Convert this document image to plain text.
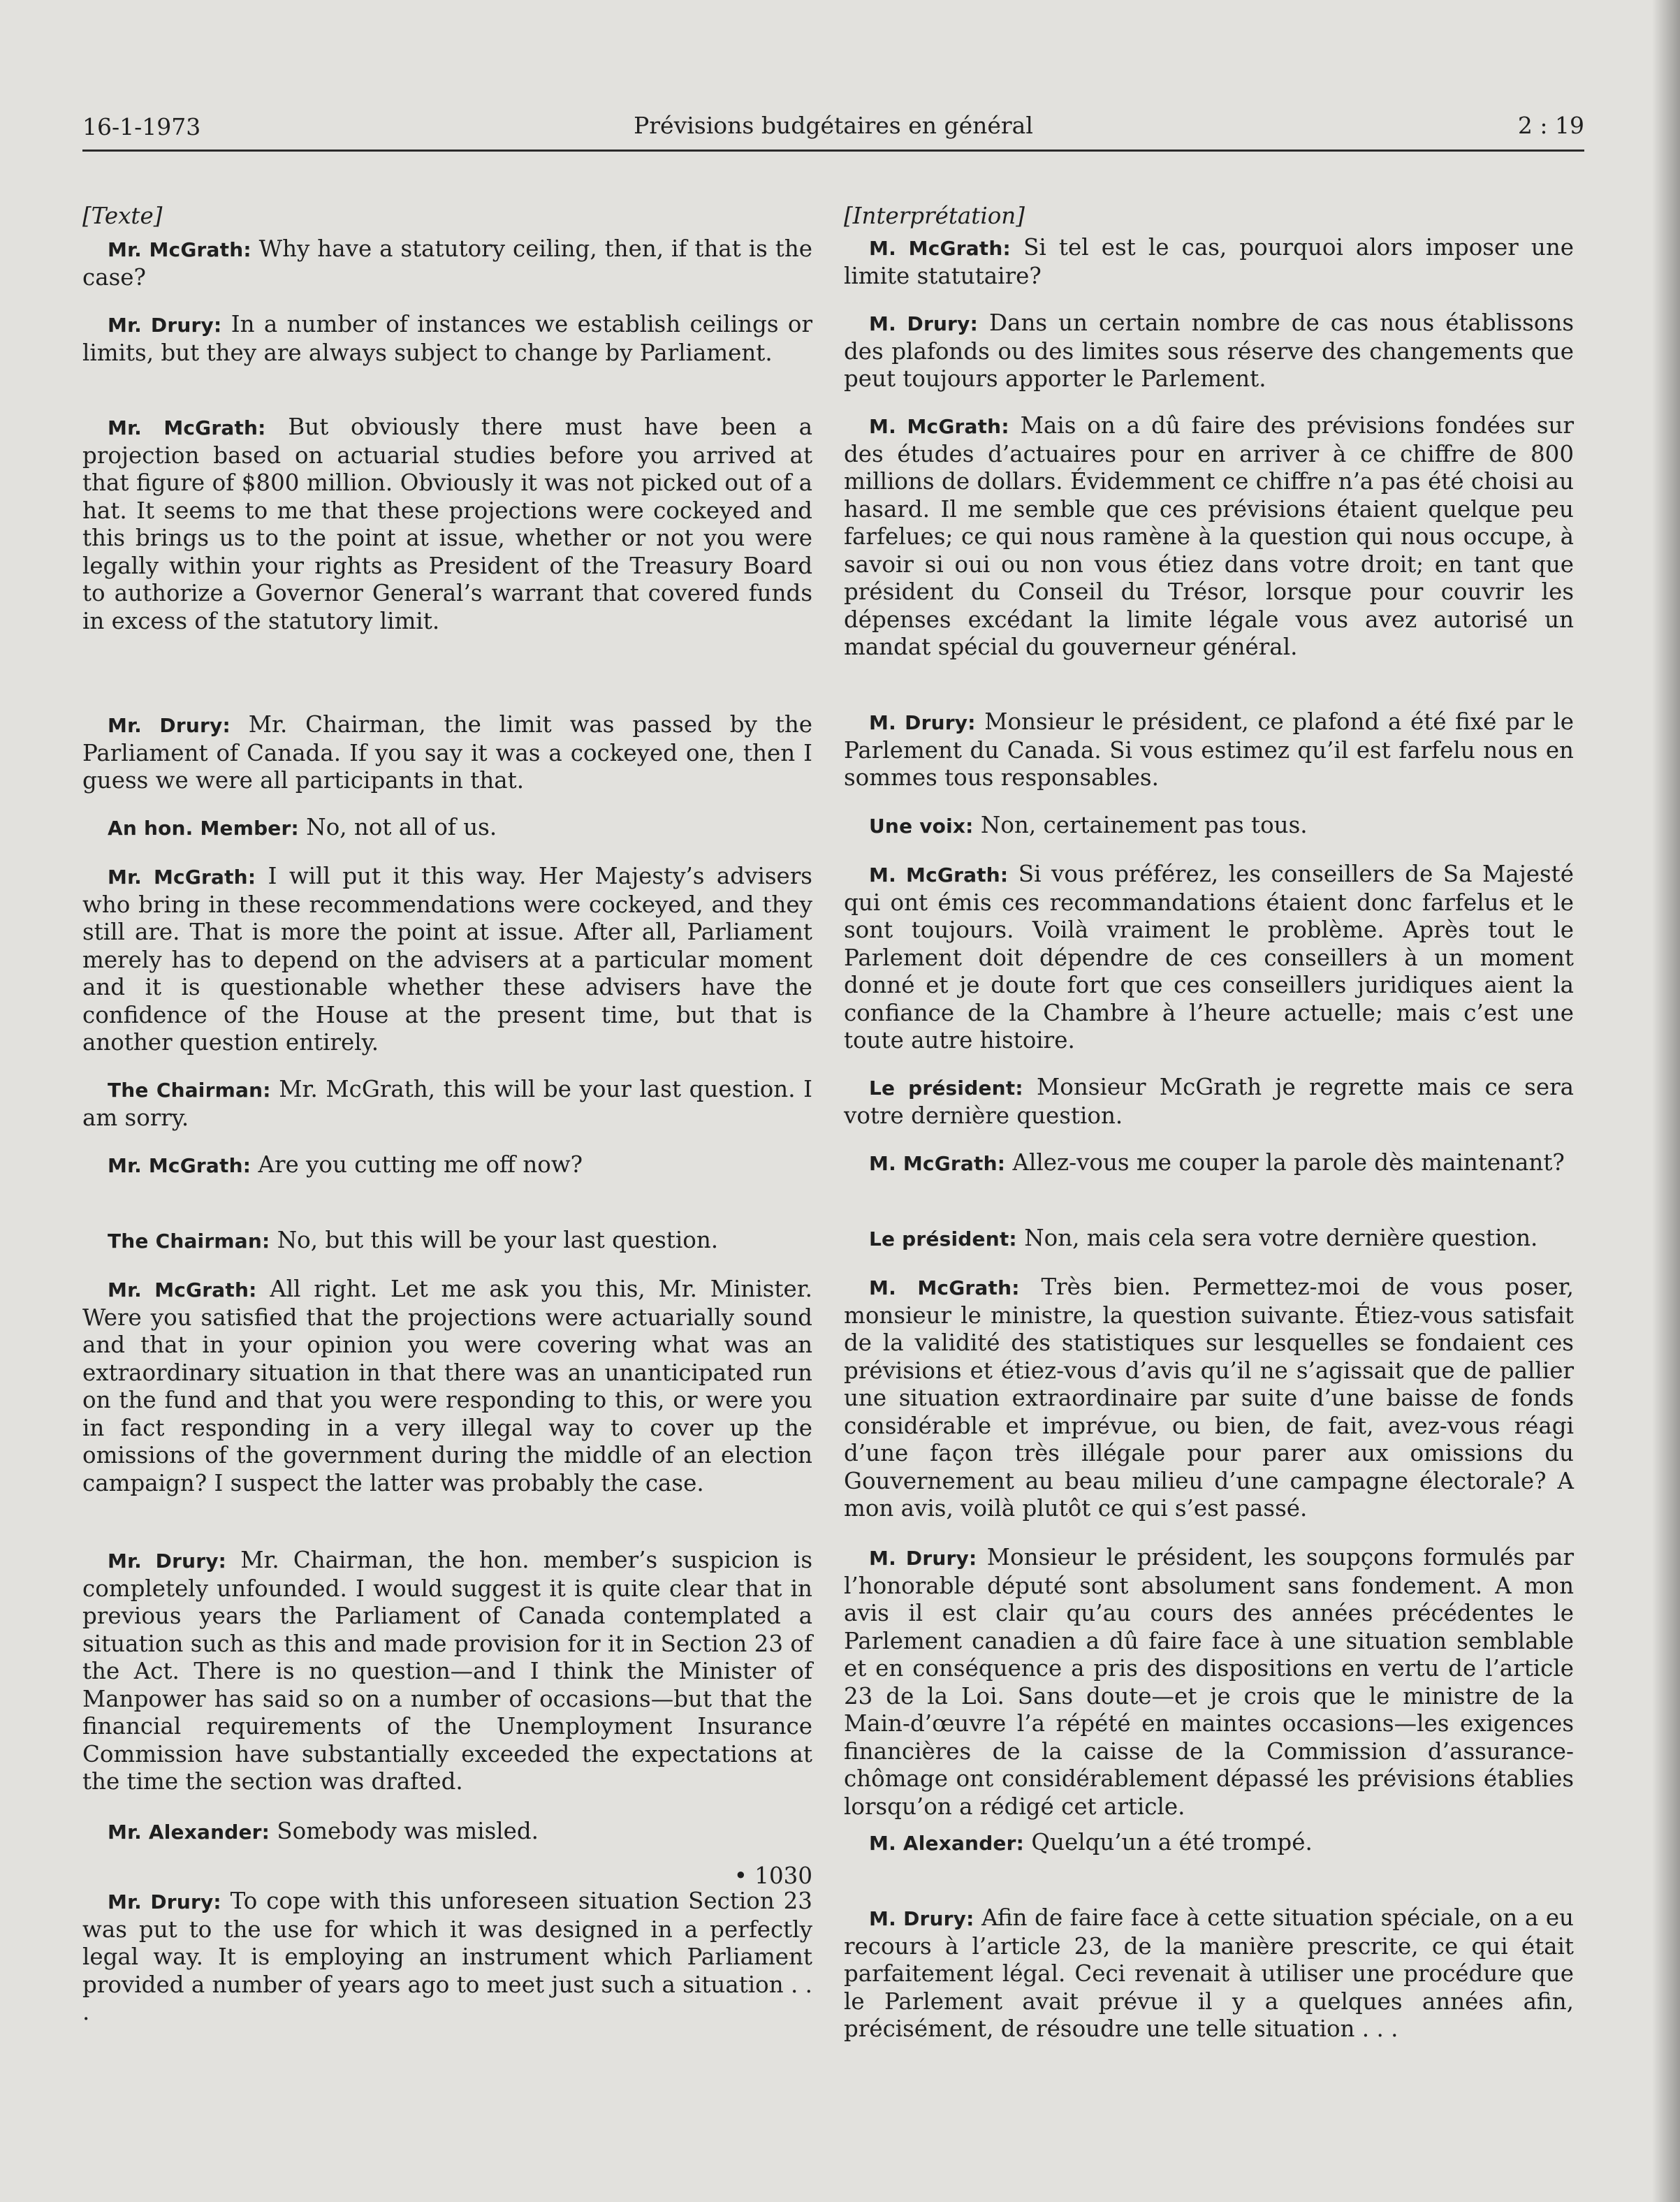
16-1-1973	Prévisions budgétaires en général	2 : 19
[Texte]

Mr. McGrath: Why have a statutory ceiling, then, if that is the case?

Mr. Drury: In a number of instances we establish ceilings or limits, but they are always subject to change by Parliament.

Mr. McGrath: But obviously there must have been a projection based on actuarial studies before you arrived at that figure of $800 million. Obviously it was not picked out of a hat. It seems to me that these projections were cockeyed and this brings us to the point at issue, whether or not you were legally within your rights as President of the Treasury Board to authorize a Governor General’s warrant that covered funds in excess of the statutory limit.

Mr. Drury: Mr. Chairman, the limit was passed by the Parliament of Canada. If you say it was a cockeyed one, then I guess we were all participants in that.

An hon. Member: No, not all of us.

Mr. McGrath: I will put it this way. Her Majesty’s advisers who bring in these recommendations were cockeyed, and they still are. That is more the point at issue. After all, Parliament merely has to depend on the advisers at a particular moment and it is questionable whether these advisers have the confidence of the House at the present time, but that is another question entirely.

The Chairman: Mr. McGrath, this will be your last question. I am sorry.

Mr. McGrath: Are you cutting me off now?

The Chairman: No, but this will be your last question.

Mr. McGrath: All right. Let me ask you this, Mr. Minister. Were you satisfied that the projections were actuarially sound and that in your opinion you were covering what was an extraordinary situation in that there was an unanticipated run on the fund and that you were responding to this, or were you in fact responding in a very illegal way to cover up the omissions of the government during the middle of an election campaign? I suspect the latter was probably the case.

Mr. Drury: Mr. Chairman, the hon. member’s suspicion is completely unfounded. I would suggest it is quite clear that in previous years the Parliament of Canada contemplated a situation such as this and made provision for it in Section 23 of the Act. There is no question—and I think the Minister of Manpower has said so on a number of occasions—but that the financial requirements of the Unemployment Insurance Commission have substantially exceeded the expectations at the time the section was drafted.

Mr. Alexander: Somebody was misled.

• 1030

Mr. Drury: To cope with this unforeseen situation Section 23 was put to the use for which it was designed in a perfectly legal way. It is employing an instrument which Parliament provided a number of years ago to meet just such a situation . . .

[Interprétation]

M. McGrath: Si tel est le cas, pourquoi alors imposer une limite statutaire?

M. Drury: Dans un certain nombre de cas nous établissons des plafonds ou des limites sous réserve des changements que peut toujours apporter le Parlement.

M. McGrath: Mais on a dû faire des prévisions fondées sur des études d’actuaires pour en arriver à ce chiffre de 800 millions de dollars. Évidemment ce chiffre n’a pas été choisi au hasard. Il me semble que ces prévisions étaient quelque peu farfelues; ce qui nous ramène à la question qui nous occupe, à savoir si oui ou non vous étiez dans votre droit; en tant que président du Conseil du Trésor, lorsque pour couvrir les dépenses excédant la limite légale vous avez autorisé un mandat spécial du gouverneur général.

M. Drury: Monsieur le président, ce plafond a été fixé par le Parlement du Canada. Si vous estimez qu’il est farfelu nous en sommes tous responsables.

Une voix: Non, certainement pas tous.

M. McGrath: Si vous préférez, les conseillers de Sa Majesté qui ont émis ces recommandations étaient donc farfelus et le sont toujours. Voilà vraiment le problème. Après tout le Parlement doit dépendre de ces conseillers à un moment donné et je doute fort que ces conseillers juridiques aient la confiance de la Chambre à l’heure actuelle; mais c’est une toute autre histoire.

Le président: Monsieur McGrath je regrette mais ce sera votre dernière question.

M. McGrath: Allez-vous me couper la parole dès maintenant?

Le président: Non, mais cela sera votre dernière question.

M. McGrath: Très bien. Permettez-moi de vous poser, monsieur le ministre, la question suivante. Étiez-vous satisfait de la validité des statistiques sur lesquelles se fondaient ces prévisions et étiez-vous d’avis qu’il ne s’agissait que de pallier une situation extraordinaire par suite d’une baisse de fonds considérable et imprévue, ou bien, de fait, avez-vous réagi d’une façon très illégale pour parer aux omissions du Gouvernement au beau milieu d’une campagne électorale? A mon avis, voilà plutôt ce qui s’est passé.

M. Drury: Monsieur le président, les soupçons formulés par l’honorable député sont absolument sans fondement. A mon avis il est clair qu’au cours des années précédentes le Parlement canadien a dû faire face à une situation semblable et en conséquence a pris des dispositions en vertu de l’article 23 de la Loi. Sans doute—et je crois que le ministre de la Main-d’œuvre l’a répété en maintes occasions—les exigences financières de la caisse de la Commission d’assurance-chômage ont considérablement dépassé les prévisions établies lorsqu’on a rédigé cet article.

M. Alexander: Quelqu’un a été trompé.

M. Drury: Afin de faire face à cette situation spéciale, on a eu recours à l’article 23, de la manière prescrite, ce qui était parfaitement légal. Ceci revenait à utiliser une procédure que le Parlement avait prévue il y a quelques années afin, précisément, de résoudre une telle situation . . .
